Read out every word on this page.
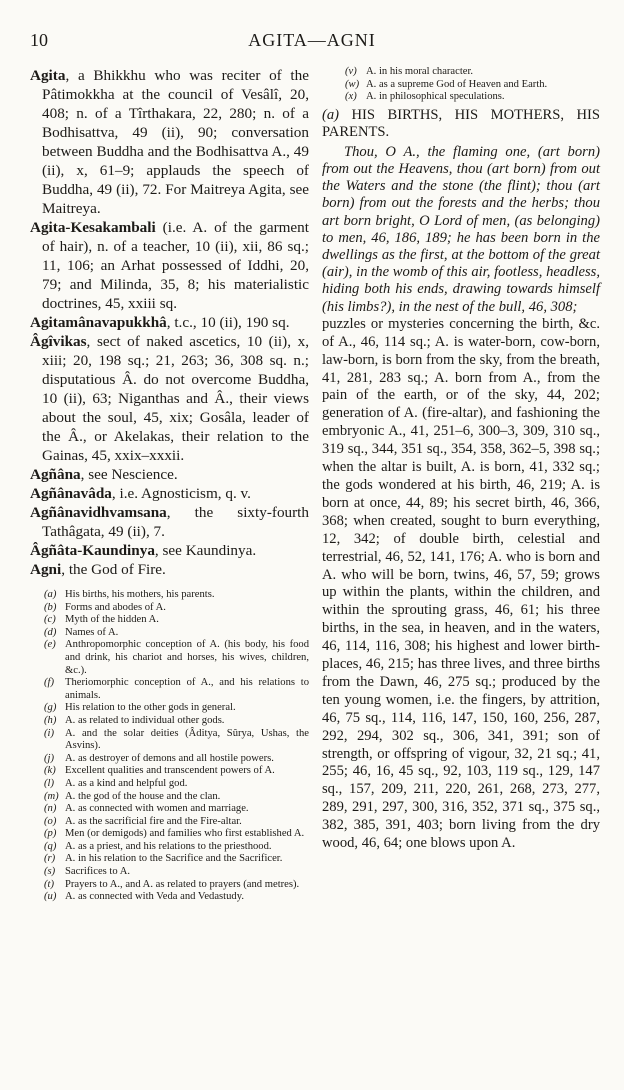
10	AGITA—AGNI

Agita, a Bhikkhu who was reciter of the Pâtimokkha at the council of Vesâlî, 20, 408; n. of a Tîrthakara, 22, 280; n. of a Bodhisattva, 49 (ii), 90; conversation between Buddha and the Bodhisattva A., 49 (ii), x, 61–9; applauds the speech of Buddha, 49 (ii), 72. For Maitreya Agita, see Maitreya.

Agita-Kesakambali (i.e. A. of the garment of hair), n. of a teacher, 10 (ii), xii, 86 sq.; 11, 106; an Arhat possessed of Iddhi, 20, 79; and Milinda, 35, 8; his materialistic doctrines, 45, xxiii sq.

Agitamânavapukkhâ, t.c., 10 (ii), 190 sq.

Âgîvikas, sect of naked ascetics, 10 (ii), x, xiii; 20, 198 sq.; 21, 263; 36, 308 sq. n.; disputatious Â. do not overcome Buddha, 10 (ii), 63; Niganthas and Â., their views about the soul, 45, xix; Gosâla, leader of the Â., or Akelakas, their relation to the Gainas, 45, xxix–xxxii.

Agñâna, see Nescience.

Agñânavâda, i.e. Agnosticism, q. v.

Agñânavidhvamsana, the sixty-fourth Tathâgata, 49 (ii), 7.

Âgñâta-Kaundinya, see Kaundinya.

Agni, the God of Fire.

(a) His births, his mothers, his parents.

(b) Forms and abodes of A.

(c) Myth of the hidden A.

(d) Names of A.

(e) Anthropomorphic conception of A. (his body, his food and drink, his chariot and horses, his wives, children, &c.).

(f) Theriomorphic conception of A., and his relations to animals.

(g) His relation to the other gods in general.

(h) A. as related to individual other gods.

(i) A. and the solar deities (Âditya, Sûrya, Ushas, the Asvins).

(j) A. as destroyer of demons and all hostile powers.

(k) Excellent qualities and transcendent powers of A.

(l) A. as a kind and helpful god.

(m) A. the god of the house and the clan.

(n) A. as connected with women and marriage.

(o) A. as the sacrificial fire and the Fire-altar.

(p) Men (or demigods) and families who first established A.

(q) A. as a priest, and his relations to the priesthood.

(r) A. in his relation to the Sacrifice and the Sacrificer.

(s) Sacrifices to A.

(t) Prayers to A., and A. as related to prayers (and metres).

(u) A. as connected with Veda and Vedastudy.

(v) A. in his moral character.

(w) A. as a supreme God of Heaven and Earth.

(x) A. in philosophical speculations.

(a) HIS BIRTHS, HIS MOTHERS, HIS PARENTS.

Thou, O A., the flaming one, (art born) from out the Heavens, thou (art born) from out the Waters and the stone (the flint); thou (art born) from out the forests and the herbs; thou art born bright, O Lord of men, (as belonging) to men, 46, 186, 189; he has been born in the dwellings as the first, at the bottom of the great (air), in the womb of this air, footless, headless, hiding both his ends, drawing towards himself (his limbs?), in the nest of the bull, 46, 308;

puzzles or mysteries concerning the birth, &c. of A., 46, 114 sq.; A. is water-born, cow-born, law-born, is born from the sky, from the breath, 41, 281, 283 sq.; A. born from A., from the pain of the earth, or of the sky, 44, 202; generation of A. (fire-altar), and fashioning the embryonic A., 41, 251–6, 300–3, 309, 310 sq., 319 sq., 344, 351 sq., 354, 358, 362–5, 398 sq.; when the altar is built, A. is born, 41, 332 sq.; the gods wondered at his birth, 46, 219; A. is born at once, 44, 89; his secret birth, 46, 366, 368; when created, sought to burn everything, 12, 342; of double birth, celestial and terrestrial, 46, 52, 141, 176; A. who is born and A. who will be born, twins, 46, 57, 59; grows up within the plants, within the children, and within the sprouting grass, 46, 61; his three births, in the sea, in heaven, and in the waters, 46, 114, 116, 308; his highest and lower birth-places, 46, 215; has three lives, and three births from the Dawn, 46, 275 sq.; produced by the ten young women, i.e. the fingers, by attrition, 46, 75 sq., 114, 116, 147, 150, 160, 256, 287, 292, 294, 302 sq., 306, 341, 391; son of strength, or offspring of vigour, 32, 21 sq.; 41, 255; 46, 16, 45 sq., 92, 103, 119 sq., 129, 147 sq., 157, 209, 211, 220, 261, 268, 273, 277, 289, 291, 297, 300, 316, 352, 371 sq., 375 sq., 382, 385, 391, 403; born living from the dry wood, 46, 64; one blows upon A.
